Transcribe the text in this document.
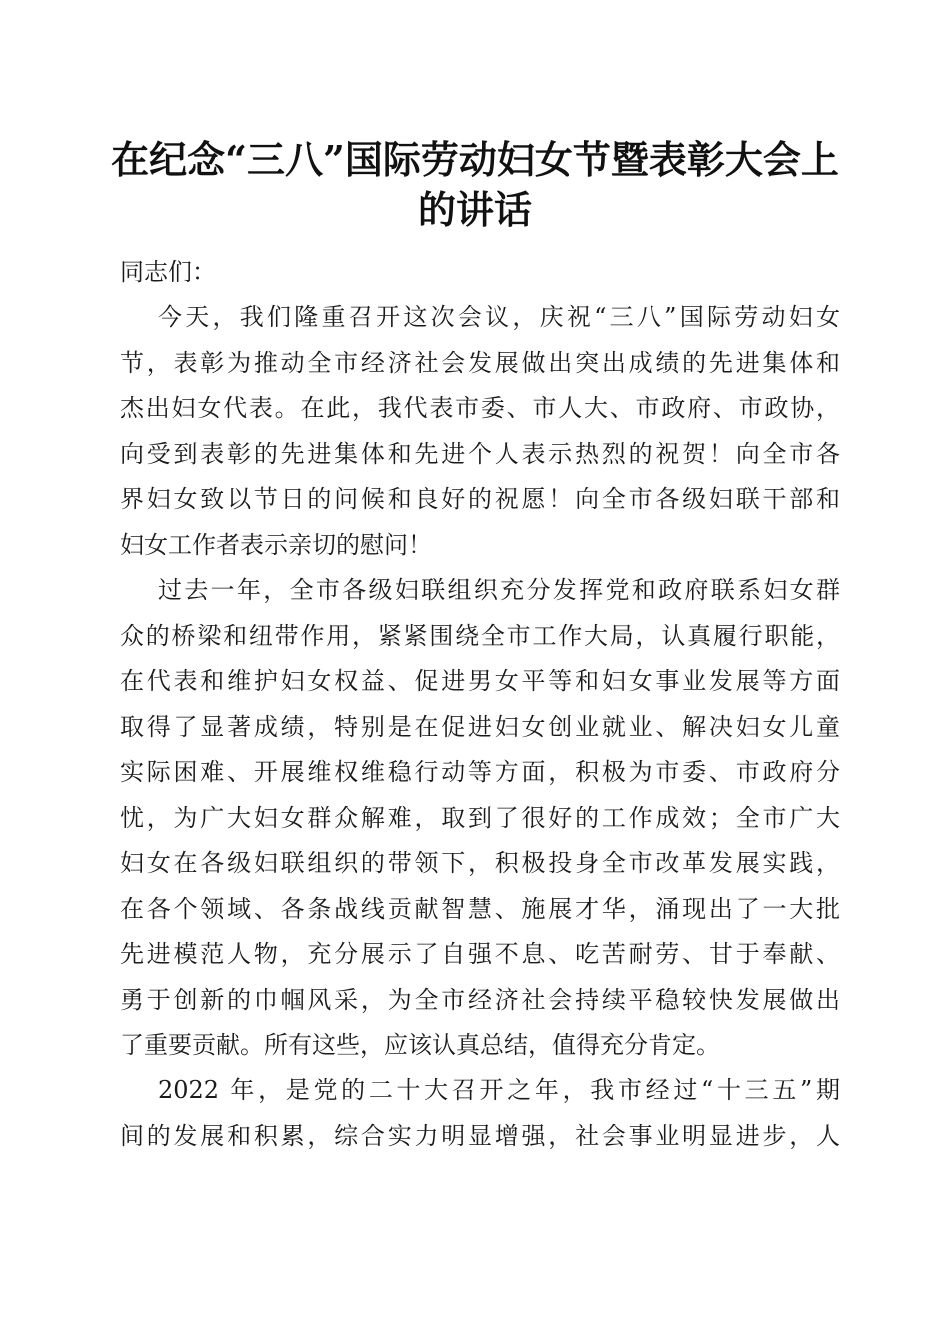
在纪念“三八”国际劳动妇女节暨表彰大会上
的讲话
同志们：
今天，我们隆重召开这次会议，庆祝“三八”国际劳动妇女
节，表彰为推动全市经济社会发展做出突出成绩的先进集体和
杰出妇女代表。在此，我代表市委、市人大、市政府、市政协，
向受到表彰的先进集体和先进个人表示热烈的祝贺！向全市各
界妇女致以节日的问候和良好的祝愿！向全市各级妇联干部和
妇女工作者表示亲切的慰问！
过去一年，全市各级妇联组织充分发挥党和政府联系妇女群
众的桥梁和纽带作用，紧紧围绕全市工作大局，认真履行职能，
在代表和维护妇女权益、促进男女平等和妇女事业发展等方面
取得了显著成绩，特别是在促进妇女创业就业、解决妇女儿童
实际困难、开展维权维稳行动等方面，积极为市委、市政府分
忧，为广大妇女群众解难，取到了很好的工作成效；全市广大
妇女在各级妇联组织的带领下，积极投身全市改革发展实践，
在各个领域、各条战线贡献智慧、施展才华，涌现出了一大批
先进模范人物，充分展示了自强不息、吃苦耐劳、甘于奉献、
勇于创新的巾帼风采，为全市经济社会持续平稳较快发展做出
了重要贡献。所有这些，应该认真总结，值得充分肯定。
2022 年，是党的二十大召开之年，我市经过“十三五”期
间的发展和积累，综合实力明显增强，社会事业明显进步，人
